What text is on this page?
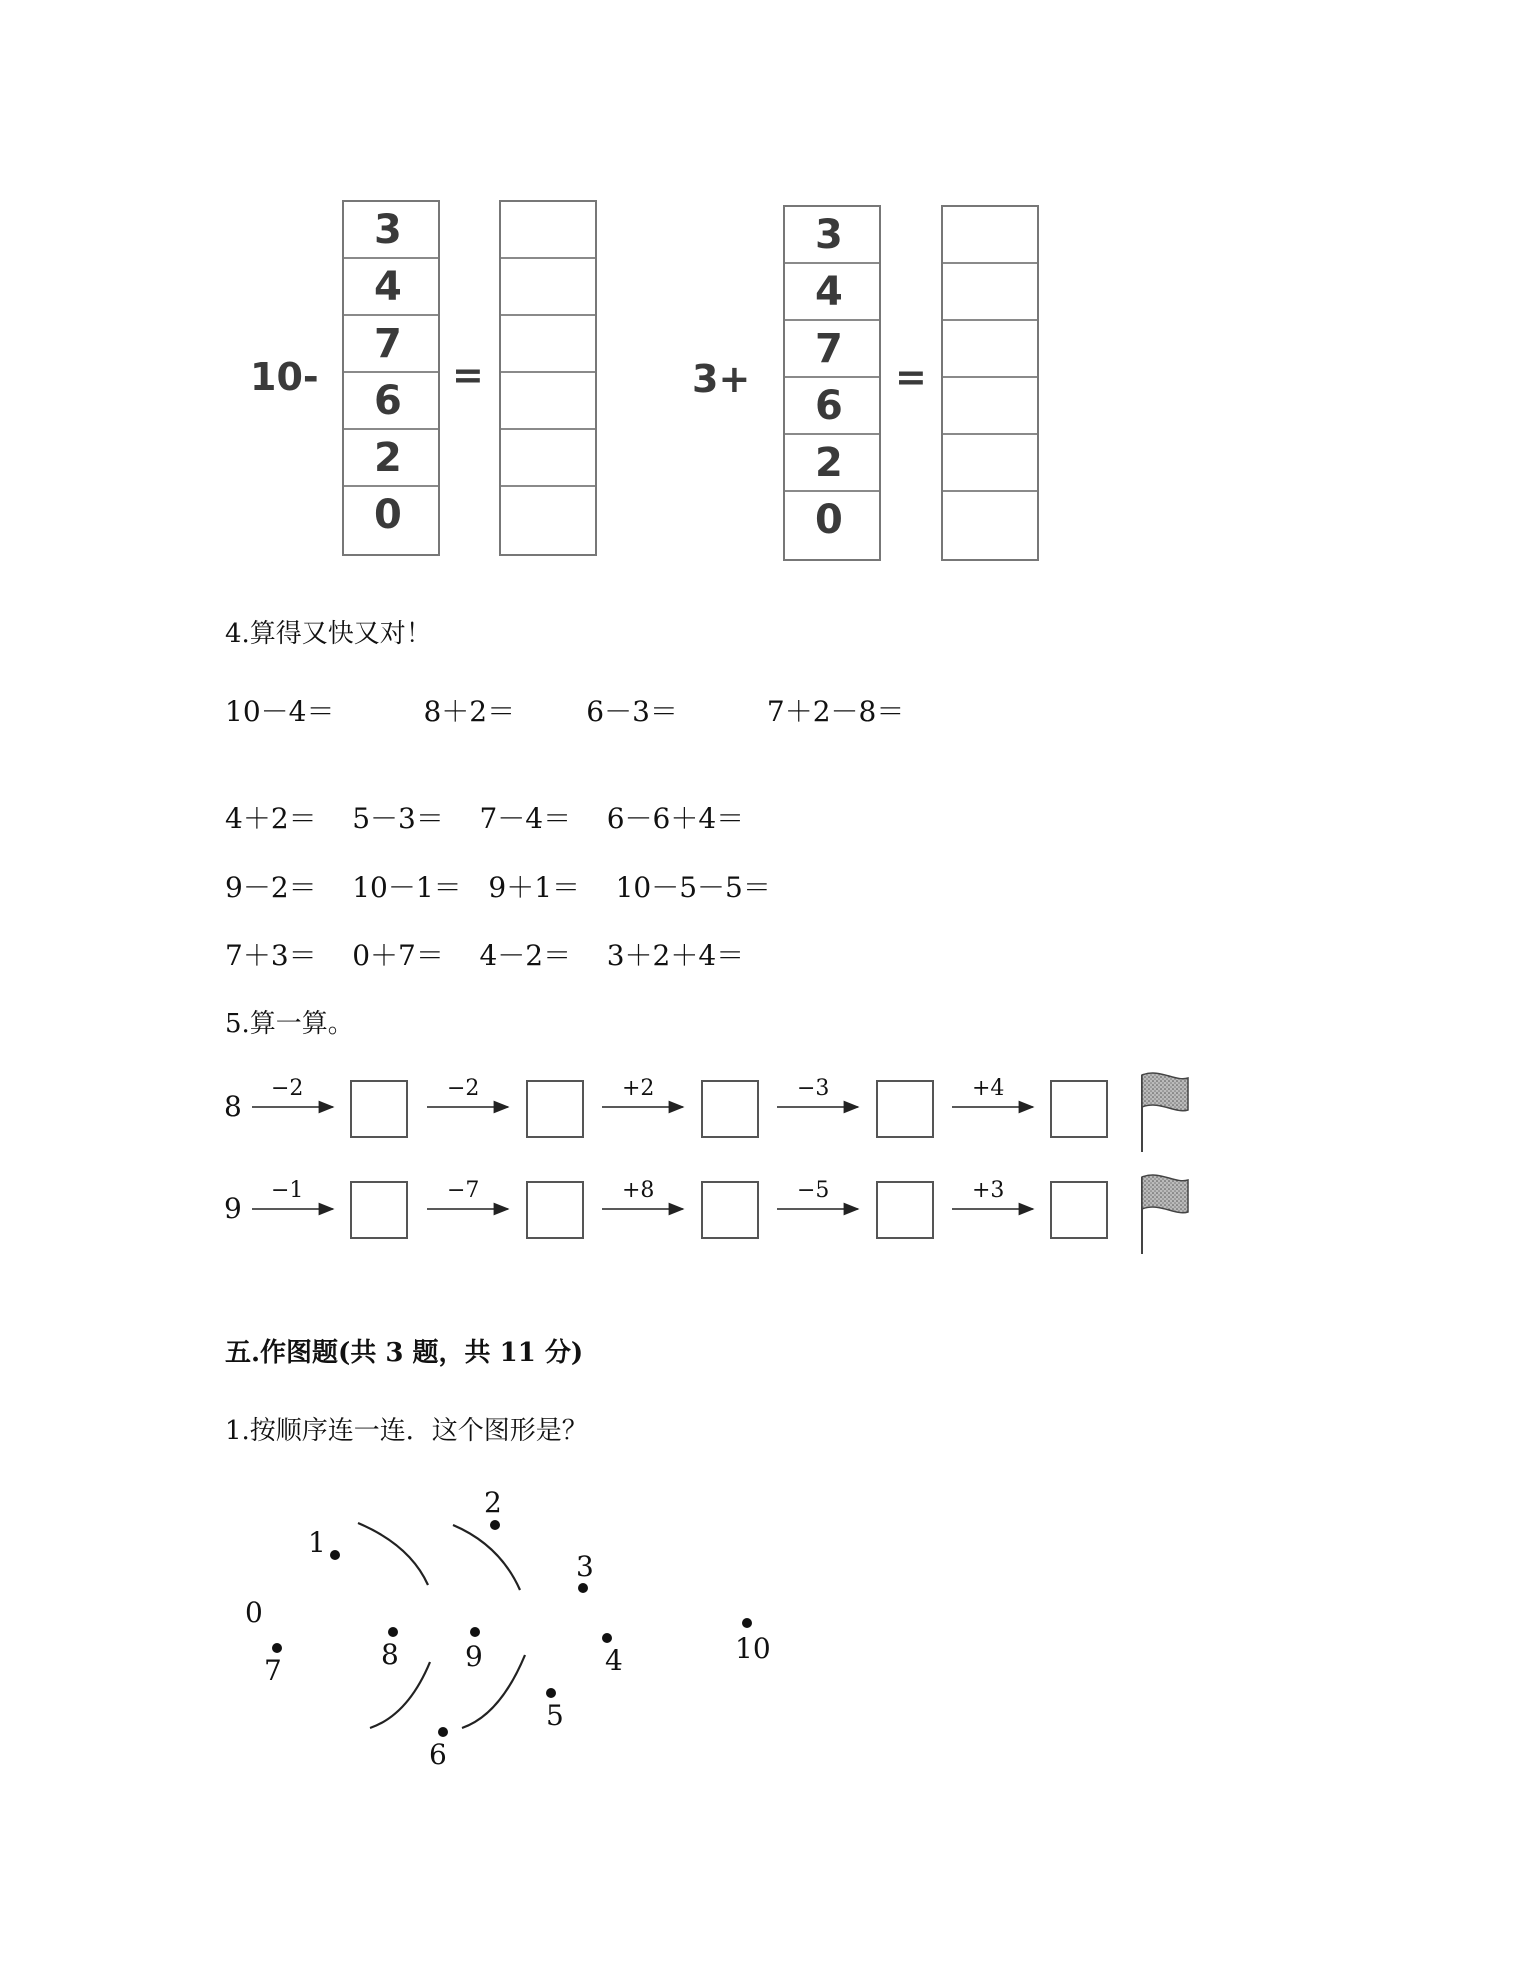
10-
3
4
7
6
2
0
=	3+
3
4
7
6
2
0
=
4.算得又快又对！
10－4＝          8＋2＝        6－3＝          7＋2－8＝
4＋2＝    5－3＝    7－4＝    6－6＋4＝
9－2＝    10－1＝   9＋1＝    10－5－5＝
7＋3＝    0＋7＝    4－2＝    3＋2＋4＝
5.算一算。
8
−2	−2	+2	−3	+4
9
−1	−7	+8	−5	+3
五.作图题(共 3 题，共 11 分)
1.按顺序连一连．这个图形是？
0
1
2
3
4
5
6
7	8 9	10
